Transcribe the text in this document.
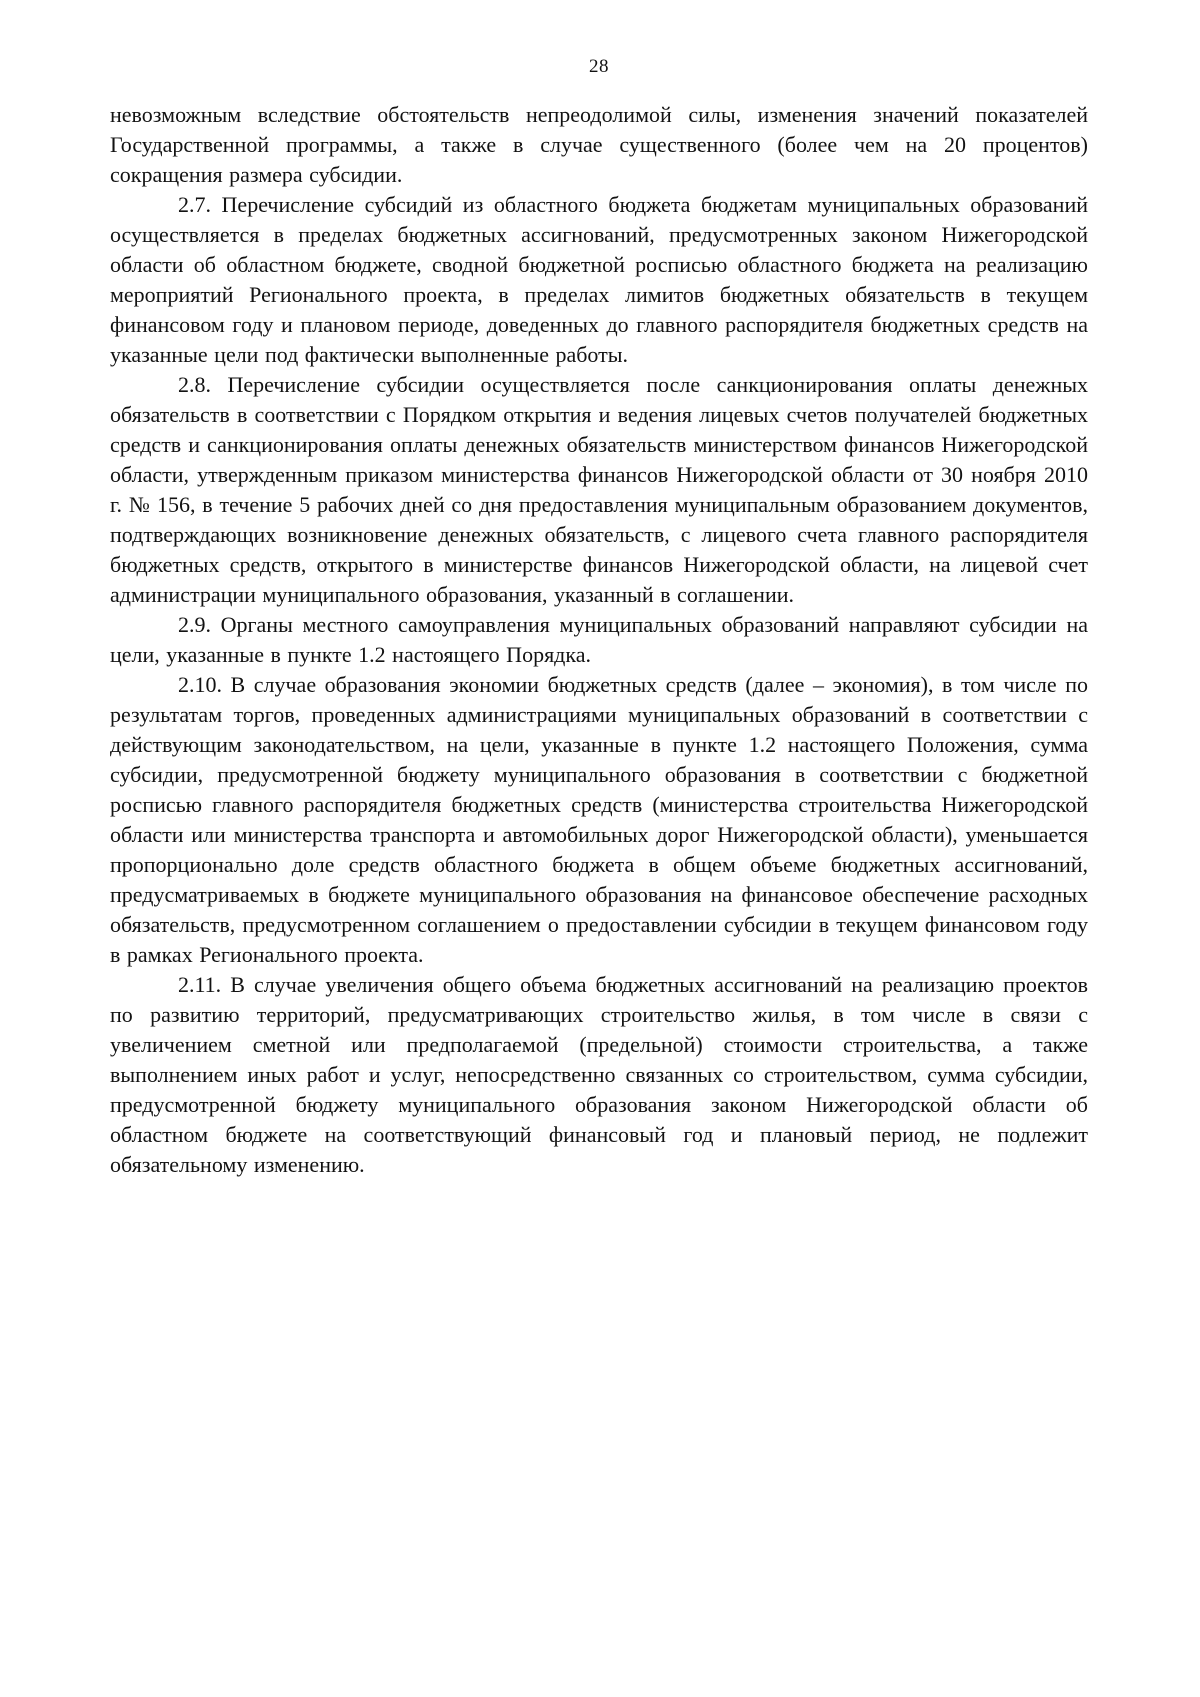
28

невозможным вследствие обстоятельств непреодолимой силы, изменения значений показателей Государственной программы, а также в случае существенного (более чем на 20 процентов) сокращения размера субсидии.

2.7. Перечисление субсидий из областного бюджета бюджетам муниципальных образований осуществляется в пределах бюджетных ассигнований, предусмотренных законом Нижегородской области об областном бюджете, сводной бюджетной росписью областного бюджета на реализацию мероприятий Регионального проекта, в пределах лимитов бюджетных обязательств в текущем финансовом году и плановом периоде, доведенных до главного распорядителя бюджетных средств на указанные цели под фактически выполненные работы.

2.8. Перечисление субсидии осуществляется после санкционирования оплаты денежных обязательств в соответствии с Порядком открытия и ведения лицевых счетов получателей бюджетных средств и санкционирования оплаты денежных обязательств министерством финансов Нижегородской области, утвержденным приказом министерства финансов Нижегородской области от 30 ноября 2010 г. № 156, в течение 5 рабочих дней со дня предоставления муниципальным образованием документов, подтверждающих возникновение денежных обязательств, с лицевого счета главного распорядителя бюджетных средств, открытого в министерстве финансов Нижегородской области, на лицевой счет администрации муниципального образования, указанный в соглашении.

2.9. Органы местного самоуправления муниципальных образований направляют субсидии на цели, указанные в пункте 1.2 настоящего Порядка.

2.10. В случае образования экономии бюджетных средств (далее – экономия), в том числе по результатам торгов, проведенных администрациями муниципальных образований в соответствии с действующим законодательством, на цели, указанные в пункте 1.2 настоящего Положения, сумма субсидии, предусмотренной бюджету муниципального образования в соответствии с бюджетной росписью главного распорядителя бюджетных средств (министерства строительства Нижегородской области или министерства транспорта и автомобильных дорог Нижегородской области), уменьшается пропорционально доле средств областного бюджета в общем объеме бюджетных ассигнований, предусматриваемых в бюджете муниципального образования на финансовое обеспечение расходных обязательств, предусмотренном соглашением о предоставлении субсидии в текущем финансовом году в рамках Регионального проекта.

2.11. В случае увеличения общего объема бюджетных ассигнований на реализацию проектов по развитию территорий, предусматривающих строительство жилья, в том числе в связи с увеличением сметной или предполагаемой (предельной) стоимости строительства, а также выполнением иных работ и услуг, непосредственно связанных со строительством, сумма субсидии, предусмотренной бюджету муниципального образования законом Нижегородской области об областном бюджете на соответствующий финансовый год и плановый период, не подлежит обязательному изменению.
